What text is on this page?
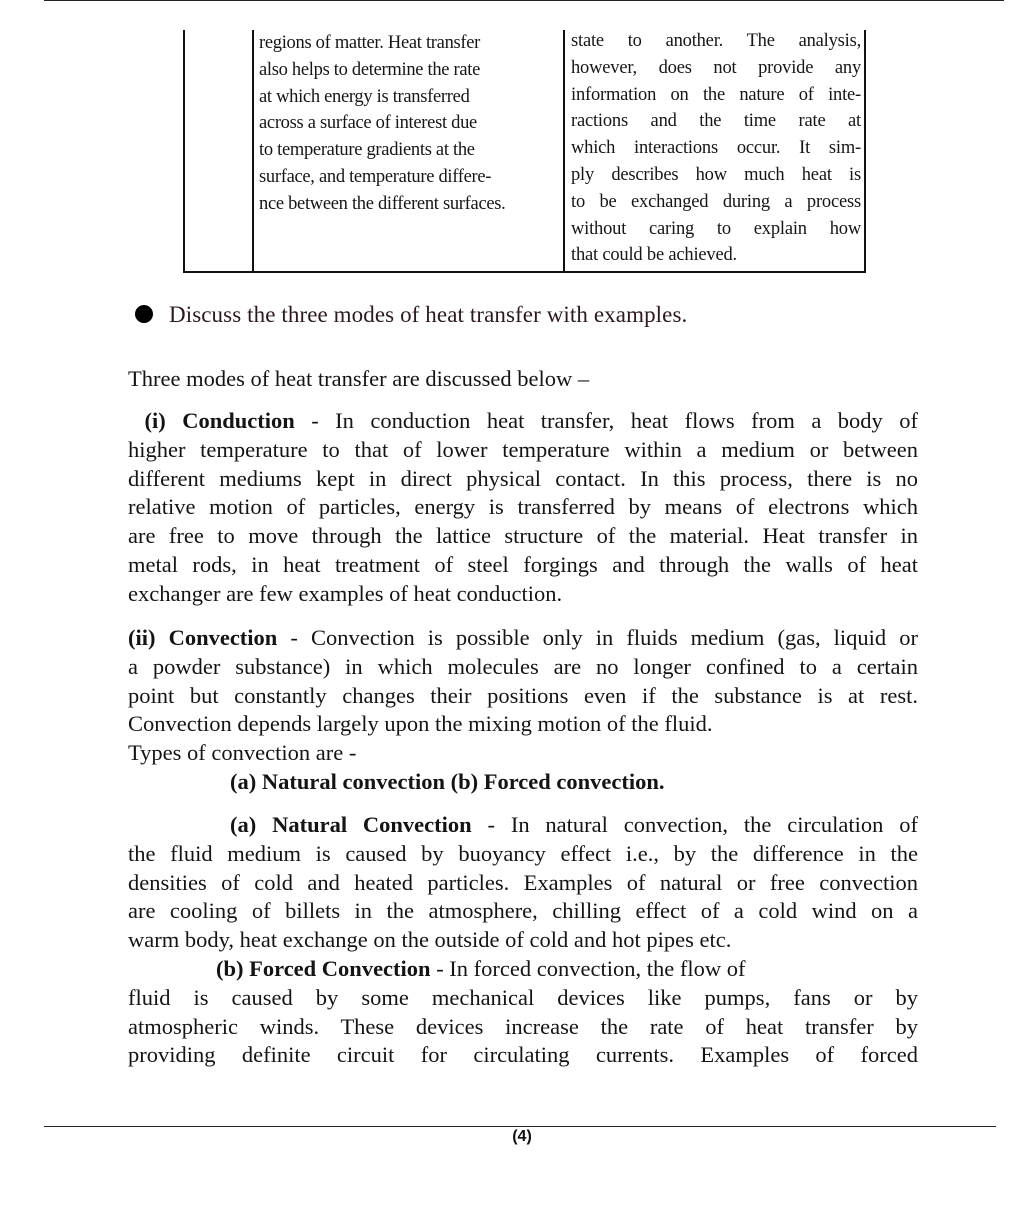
regions of matter. Heat transfer
also helps to determine the rate
at which energy is transferred
across a surface of interest due
to temperature gradients at the
surface, and temperature differe-
nce between the different surfaces.
state to another. The analysis,
however, does not provide any
information on the nature of inte-
ractions and the time rate at
which interactions occur. It sim-
ply describes how much heat is
to be exchanged during a process
without caring to explain how
that could be achieved.
Discuss the three modes of heat transfer with examples.
Three modes of heat transfer are discussed below –
(i) Conduction - In conduction heat transfer, heat flows from a body of
higher temperature to that of lower temperature within a medium or between
different mediums kept in direct physical contact. In this process, there is no
relative motion of particles, energy is transferred by means of electrons which
are free to move through the lattice structure of the material. Heat transfer in
metal rods, in heat treatment of steel forgings and through the walls of heat
exchanger are few examples of heat conduction.
(ii) Convection - Convection is possible only in fluids medium (gas, liquid or
a powder substance) in which molecules are no longer confined to a certain
point but constantly changes their positions even if the substance is at rest.
Convection depends largely upon the mixing motion of the fluid.
Types of convection are -
(a) Natural convection (b) Forced convection.
(a) Natural Convection - In natural convection, the circulation of
the fluid medium is caused by buoyancy effect i.e., by the difference in the
densities of cold and heated particles. Examples of natural or free convection
are cooling of billets in the atmosphere, chilling effect of a cold wind on a
warm body, heat exchange on the outside of cold and hot pipes etc.
(b) Forced Convection - In forced convection, the flow of
fluid is caused by some mechanical devices like pumps, fans or by
atmospheric winds. These devices increase the rate of heat transfer by
providing definite circuit for circulating currents. Examples of forced
(4)
